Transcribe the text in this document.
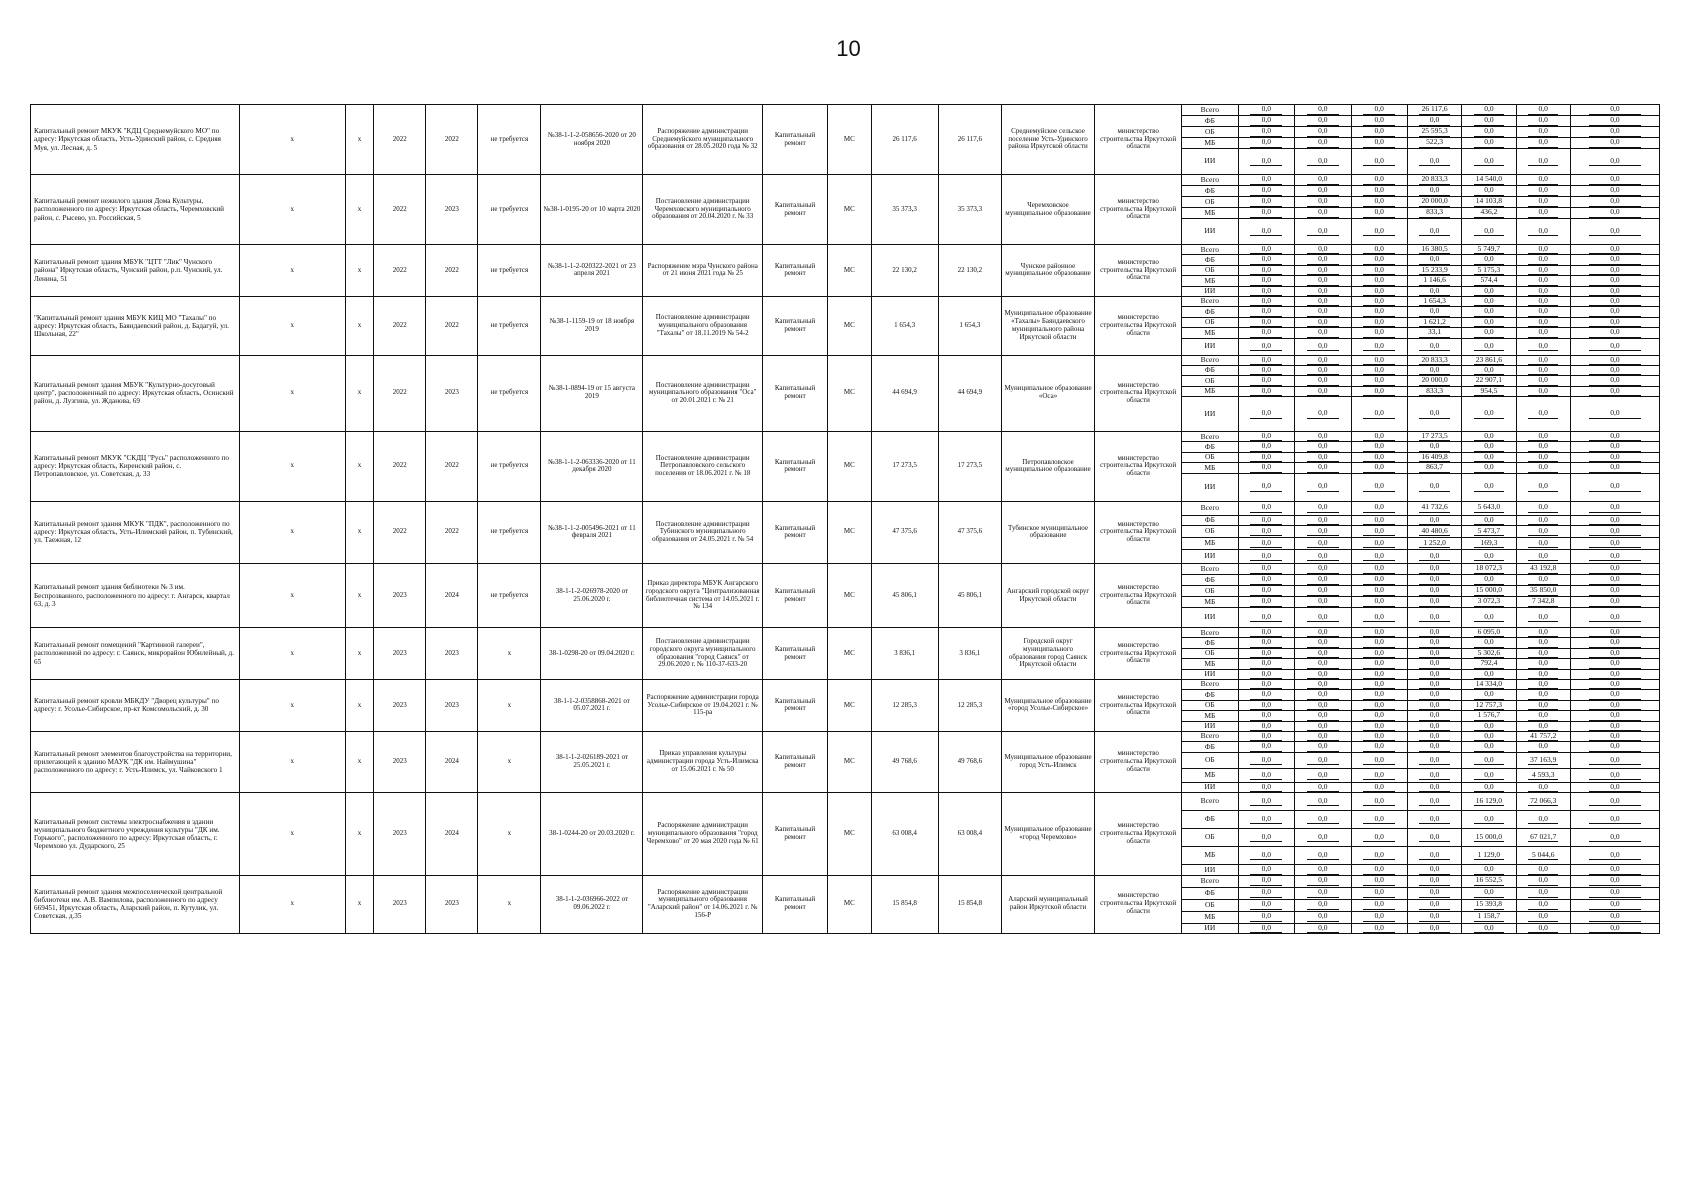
10
Капитальный ремонт МКУК "КДЦ Среднемуйского МО" по адресу: Иркутская область, Усть-Удинский район, с. Средняя Муя, ул. Лесная, д. 5	x	x	2022	2022	не требуется	№38-1-1-2-058656-2020 от 20 ноября 2020	Распоряжение администрации Среднемуйского муниципального образования от 28.05.2020 года № 32	Капитальный ремонт	МС	26 117,6	26 117,6	Среднемуйское сельское поселение Усть-Удинского района Иркутской области	министерство строительства Иркутской области	Всего	0,0	0,0	0,0	26 117,6	0,0	0,0	0,0
														ФБ	0,0	0,0	0,0	0,0	0,0	0,0	0,0
														ОБ	0,0	0,0	0,0	25 595,3	0,0	0,0	0,0
														МБ	0,0	0,0	0,0	522,3	0,0	0,0	0,0
														ИИ	0,0	0,0	0,0	0,0	0,0	0,0	0,0
Капитальный ремонт нежилого здания Дома Культуры, расположенного по адресу: Иркутская область, Черемховский район, с. Рысево, ул. Российская, 5	x	x	2022	2023	не требуется	№38-1-0195-20 от 10 марта 2020	Постановление администрации Черемховского муниципального образования от 20.04.2020 г. № 33	Капитальный ремонт	МС	35 373,3	35 373,3	Черемховское муниципальное образование	министерство строительства Иркутской области	Всего	0,0	0,0	0,0	20 833,3	14 540,0	0,0	0,0
														ФБ	0,0	0,0	0,0	0,0	0,0	0,0	0,0
														ОБ	0,0	0,0	0,0	20 000,0	14 103,8	0,0	0,0
														МБ	0,0	0,0	0,0	833,3	436,2	0,0	0,0
														ИИ	0,0	0,0	0,0	0,0	0,0	0,0	0,0
Капитальный ремонт здания МБУК "ЦТТ "Лик" Чунского района" Иркутская область, Чунский район, р.п. Чунский, ул. Ленина, 51	x	x	2022	2022	не требуется	№38-1-1-2-020322-2021 от 23 апреля 2021	Распоряжение мэра Чунского района от 21 июня 2021 года № 25	Капитальный ремонт	МС	22 130,2	22 130,2	Чунское районное муниципальное образование	министерство строительства Иркутской области	Всего	0,0	0,0	0,0	16 380,5	5 749,7	0,0	0,0
														ФБ	0,0	0,0	0,0	0,0	0,0	0,0	0,0
														ОБ	0,0	0,0	0,0	15 233,9	5 175,3	0,0	0,0
														МБ	0,0	0,0	0,0	1 146,6	574,4	0,0	0,0
														ИИ	0,0	0,0	0,0	0,0	0,0	0,0	0,0
"Капитальный ремонт здания МБУК КИЦ МО "Тахалы" по адресу: Иркутская область, Баяндаевский район, д. Бадагуй, ул. Школьная, 22"	x	x	2022	2022	не требуется	№38-1-1159-19 от 18 ноября 2019	Постановление администрации муниципального образования "Тахалы" от 18.11.2019 № 54-2	Капитальный ремонт	МС	1 654,3	1 654,3	Муниципальное образование «Тахалы» Баяндаевского муниципального района Иркутской области	министерство строительства Иркутской области	Всего	0,0	0,0	0,0	1 654,3	0,0	0,0	0,0
														ФБ	0,0	0,0	0,0	0,0	0,0	0,0	0,0
														ОБ	0,0	0,0	0,0	1 621,2	0,0	0,0	0,0
														МБ	0,0	0,0	0,0	33,1	0,0	0,0	0,0
														ИИ	0,0	0,0	0,0	0,0	0,0	0,0	0,0
Капитальный ремонт здания МБУК "Культурно-досуговый центр", расположенный по адресу: Иркутская область, Осинский район, д. Лузгина, ул. Жданова, 69	x	x	2022	2023	не требуется	№38-1-0894-19 от 15 августа 2019	Постановление администрации муниципального образования "Оса" от 20.01.2021 г. № 21	Капитальный ремонт	МС	44 694,9	44 694,9	Муниципальное образование «Оса»	министерство строительства Иркутской области	Всего	0,0	0,0	0,0	20 833,3	23 861,6	0,0	0,0
														ФБ	0,0	0,0	0,0	0,0	0,0	0,0	0,0
														ОБ	0,0	0,0	0,0	20 000,0	22 907,1	0,0	0,0
														МБ	0,0	0,0	0,0	833,3	954,5	0,0	0,0
														ИИ	0,0	0,0	0,0	0,0	0,0	0,0	0,0
Капитальный ремонт МКУК "СКДЦ "Русь" расположенного по адресу: Иркутская область, Киренский район, с. Петропавловское, ул. Советская, д. 33	x	x	2022	2022	не требуется	№38-1-1-2-063336-2020 от 11 декабря 2020	Постановление администрации Петропавловского сельского поселения от 18.06.2021 г. № 18	Капитальный ремонт	МС	17 273,5	17 273,5	Петропавловское муниципальное образование	министерство строительства Иркутской области	Всего	0,0	0,0	0,0	17 273,5	0,0	0,0	0,0
														ФБ	0,0	0,0	0,0	0,0	0,0	0,0	0,0
														ОБ	0,0	0,0	0,0	16 409,8	0,0	0,0	0,0
														МБ	0,0	0,0	0,0	863,7	0,0	0,0	0,0
														ИИ	0,0	0,0	0,0	0,0	0,0	0,0	0,0
Капитальный ремонт здания МКУК "ПДК", расположенного по адресу: Иркутская область, Усть-Илимский район, п. Тубинский, ул. Таежная, 12	x	x	2022	2022	не требуется	№38-1-1-2-005496-2021 от 11 февраля 2021	Постановление администрации Тубинского муниципального образования от 24.05.2021 г. № 54	Капитальный ремонт	МС	47 375,6	47 375,6	Тубинское муниципальное образование	министерство строительства Иркутской области	Всего	0,0	0,0	0,0	41 732,6	5 643,0	0,0	0,0
														ФБ	0,0	0,0	0,0	0,0	0,0	0,0	0,0
														ОБ	0,0	0,0	0,0	40 480,6	5 473,7	0,0	0,0
														МБ	0,0	0,0	0,0	1 252,0	169,3	0,0	0,0
														ИИ	0,0	0,0	0,0	0,0	0,0	0,0	0,0
Капитальный ремонт здания библиотеки № 3 им. Беспрозванного, расположенного по адресу: г. Ангарск, квартал 63, д. 3	x	x	2023	2024	не требуется	38-1-1-2-026978-2020 от 25.06.2020 г.	Приказ директора МБУК Ангарского городского округа "Централизованная библиотечная система от 14.05.2021 г. № 134	Капитальный ремонт	МС	45 806,1	45 806,1	Ангарский городской округ Иркутской области	министерство строительства Иркутской области	Всего	0,0	0,0	0,0	0,0	18 072,3	43 192,8	0,0
														ФБ	0,0	0,0	0,0	0,0	0,0	0,0	0,0
														ОБ	0,0	0,0	0,0	0,0	15 000,0	35 850,0	0,0
														МБ	0,0	0,0	0,0	0,0	3 072,3	7 342,8	0,0
														ИИ	0,0	0,0	0,0	0,0	0,0	0,0	0,0
Капитальный ремонт помещений "Картинной галереи", расположенной по адресу: г. Саянск, микрорайон Юбилейный, д. 65	x	x	2023	2023	x	38-1-0298-20 от 09.04.2020 г.	Постановление администрации городского округа муниципального образования "город Саянск" от 29.06.2020 г. № 110-37-633-20	Капитальный ремонт	МС	3 836,1	3 836,1	Городской округ муниципального образования город Саянск Иркутской области	министерство строительства Иркутской области	Всего	0,0	0,0	0,0	0,0	6 095,0	0,0	0,0
														ФБ	0,0	0,0	0,0	0,0	0,0	0,0	0,0
														ОБ	0,0	0,0	0,0	0,0	5 302,6	0,0	0,0
														МБ	0,0	0,0	0,0	0,0	792,4	0,0	0,0
														ИИ	0,0	0,0	0,0	0,0	0,0	0,0	0,0
Капитальный ремонт кровли МБКДУ "Дворец культуры" по адресу: г. Усолье-Сибирское, пр-кт Комсомольский, д. 30	x	x	2023	2023	x	38-1-1-2-0358868-2021 от 05.07.2021 г.	Распоряжение администрации города Усолье-Сибирское от 19.04.2021 г. № 115-ра	Капитальный ремонт	МС	12 285,3	12 285,3	Муниципальное образование «город Усолье-Сибирское»	министерство строительства Иркутской области	Всего	0,0	0,0	0,0	0,0	14 334,0	0,0	0,0
														ФБ	0,0	0,0	0,0	0,0	0,0	0,0	0,0
														ОБ	0,0	0,0	0,0	0,0	12 757,3	0,0	0,0
														МБ	0,0	0,0	0,0	0,0	1 576,7	0,0	0,0
														ИИ	0,0	0,0	0,0	0,0	0,0	0,0	0,0
Капитальный ремонт элементов благоустройства на территории, прилегающей к зданию МАУК "ДК им. Наймушина" расположенного по адресу: г. Усть-Илимск, ул. Чайковского 1	x	x	2023	2024	x	38-1-1-2-026189-2021 от 25.05.2021 г.	Приказ управления культуры администрации города Усть-Илимска от 15.06.2021 г. № 50	Капитальный ремонт	МС	49 768,6	49 768,6	Муниципальное образование город Усть-Илимск	министерство строительства Иркутской области	Всего	0,0	0,0	0,0	0,0	0,0	41 757,2	0,0
														ФБ	0,0	0,0	0,0	0,0	0,0	0,0	0,0
														ОБ	0,0	0,0	0,0	0,0	0,0	37 163,9	0,0
														МБ	0,0	0,0	0,0	0,0	0,0	4 593,3	0,0
														ИИ	0,0	0,0	0,0	0,0	0,0	0,0	0,0
Капитальный ремонт системы электроснабжения в здании муниципального бюджетного учреждения культуры "ДК им. Горького", расположенного по адресу: Иркутская область, г. Черемхово ул. Дударского, 25	x	x	2023	2024	x	38-1-0244-20 от 20.03.2020 г.	Распоряжение администрации муниципального образования "город Черемхово" от 20 мая 2020 года № 61	Капитальный ремонт	МС	63 008,4	63 008,4	Муниципальное образование «город Черемхово»	министерство строительства Иркутской области	Всего	0,0	0,0	0,0	0,0	16 129,0	72 066,3	0,0
														ФБ	0,0	0,0	0,0	0,0	0,0	0,0	0,0
														ОБ	0,0	0,0	0,0	0,0	15 000,0	67 021,7	0,0
														МБ	0,0	0,0	0,0	0,0	1 129,0	5 044,6	0,0
														ИИ	0,0	0,0	0,0	0,0	0,0	0,0	0,0
Капитальный ремонт здания межпоселенческой центральной библиотеки им. А.В. Вампилова, расположенного по адресу 669451, Иркутская область, Аларский район, п. Кутулик, ул. Советская, д.35	x	x	2023	2023	x	38-1-1-2-036966-2022 от 09.06.2022 г.	Распоряжение администрации муниципального образования "Аларский район" от 14.06.2021 г. № 156-Р	Капитальный ремонт	МС	15 854,8	15 854,8	Аларский муниципальный район Иркутской области	министерство строительства Иркутской области	Всего	0,0	0,0	0,0	0,0	16 552,5	0,0	0,0
														ФБ	0,0	0,0	0,0	0,0	0,0	0,0	0,0
														ОБ	0,0	0,0	0,0	0,0	15 393,8	0,0	0,0
														МБ	0,0	0,0	0,0	0,0	1 158,7	0,0	0,0
														ИИ	0,0	0,0	0,0	0,0	0,0	0,0	0,0
